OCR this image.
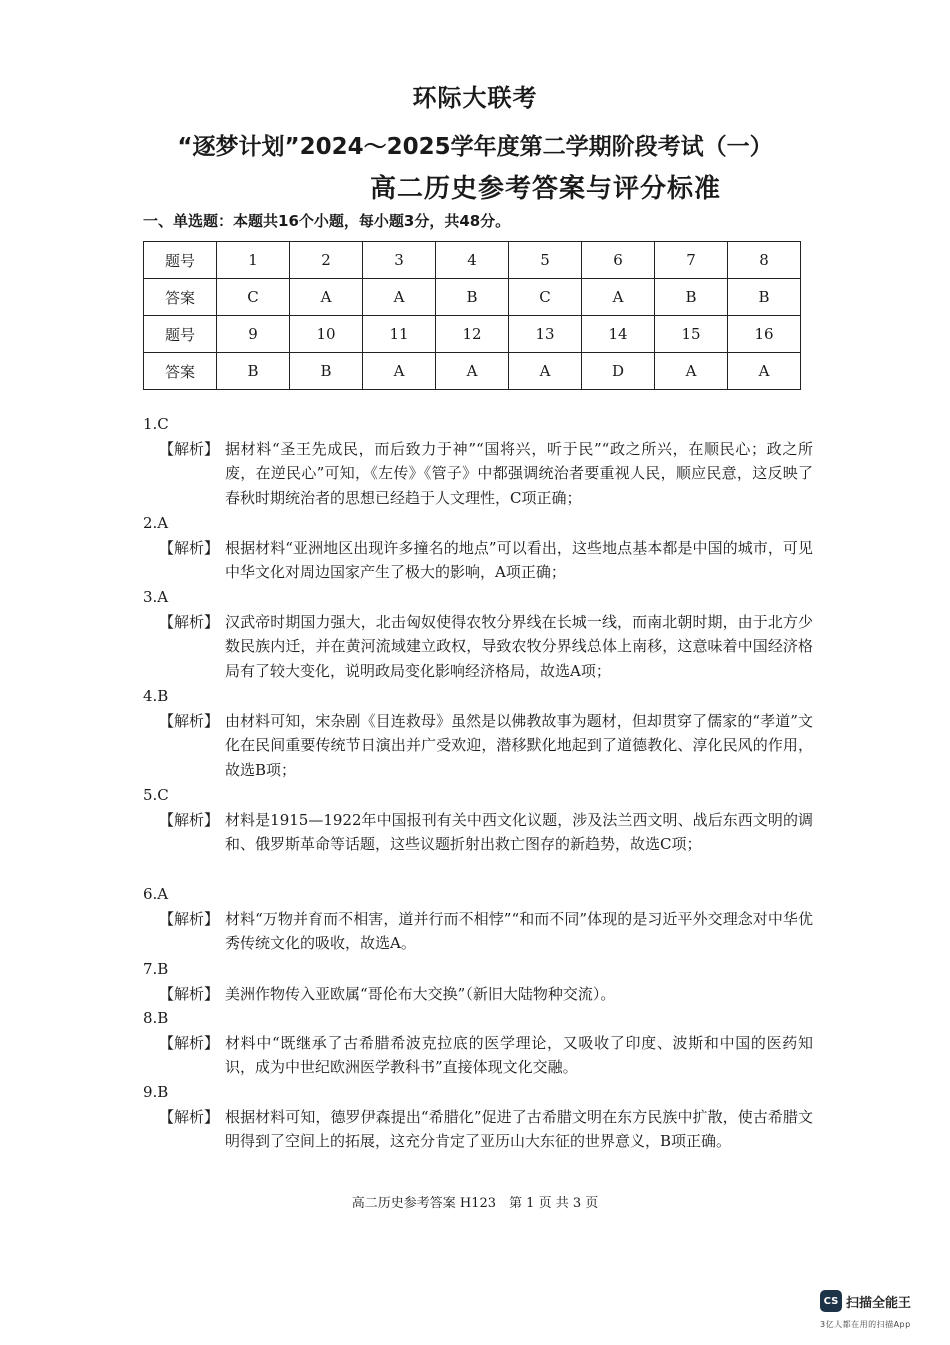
环际大联考
“逐梦计划”2024～2025学年度第二学期阶段考试（一）
高二历史参考答案与评分标准
一、单选题：本题共16个小题，每小题3分，共48分。
题号	1	2	3	4	5	6	7	8
答案	C	A	A	B	C	A	B	B
题号	9	10	11	12	13	14	15	16
答案	B	B	A	A	A	D	A	A
1.C
【解析】 据材料“圣王先成民，而后致力于神”“国将兴，听于民”“政之所兴，在顺民心；政之所废，在逆民心”可知，《左传》《管子》中都强调统治者要重视人民，顺应民意，这反映了春秋时期统治者的思想已经趋于人文理性，C项正确；
2.A
【解析】 根据材料“亚洲地区出现许多撞名的地点”可以看出，这些地点基本都是中国的城市，可见中华文化对周边国家产生了极大的影响，A项正确；
3.A
【解析】 汉武帝时期国力强大，北击匈奴使得农牧分界线在长城一线，而南北朝时期，由于北方少数民族内迁，并在黄河流域建立政权，导致农牧分界线总体上南移，这意味着中国经济格局有了较大变化，说明政局变化影响经济格局，故选A项；
4.B
【解析】 由材料可知，宋杂剧《目连救母》虽然是以佛教故事为题材，但却贯穿了儒家的“孝道”文化在民间重要传统节日演出并广受欢迎，潜移默化地起到了道德教化、淳化民风的作用，故选B项；
5.C
【解析】 材料是1915—1922年中国报刊有关中西文化议题，涉及法兰西文明、战后东西文明的调和、俄罗斯革命等话题，这些议题折射出救亡图存的新趋势，故选C项；
6.A
【解析】 材料“万物并育而不相害，道并行而不相悖”“和而不同”体现的是习近平外交理念对中华优秀传统文化的吸收，故选A。
7.B
【解析】 美洲作物传入亚欧属“哥伦布大交换”（新旧大陆物种交流）。
8.B
【解析】 材料中“既继承了古希腊希波克拉底的医学理论，又吸收了印度、波斯和中国的医药知识，成为中世纪欧洲医学教科书”直接体现文化交融。
9.B
【解析】 根据材料可知，德罗伊森提出“希腊化”促进了古希腊文明在东方民族中扩散，使古希腊文明得到了空间上的拓展，这充分肯定了亚历山大东征的世界意义，B项正确。
高二历史参考答案 H123　第 1 页 共 3 页
CS 扫描全能王
3亿人都在用的扫描App
